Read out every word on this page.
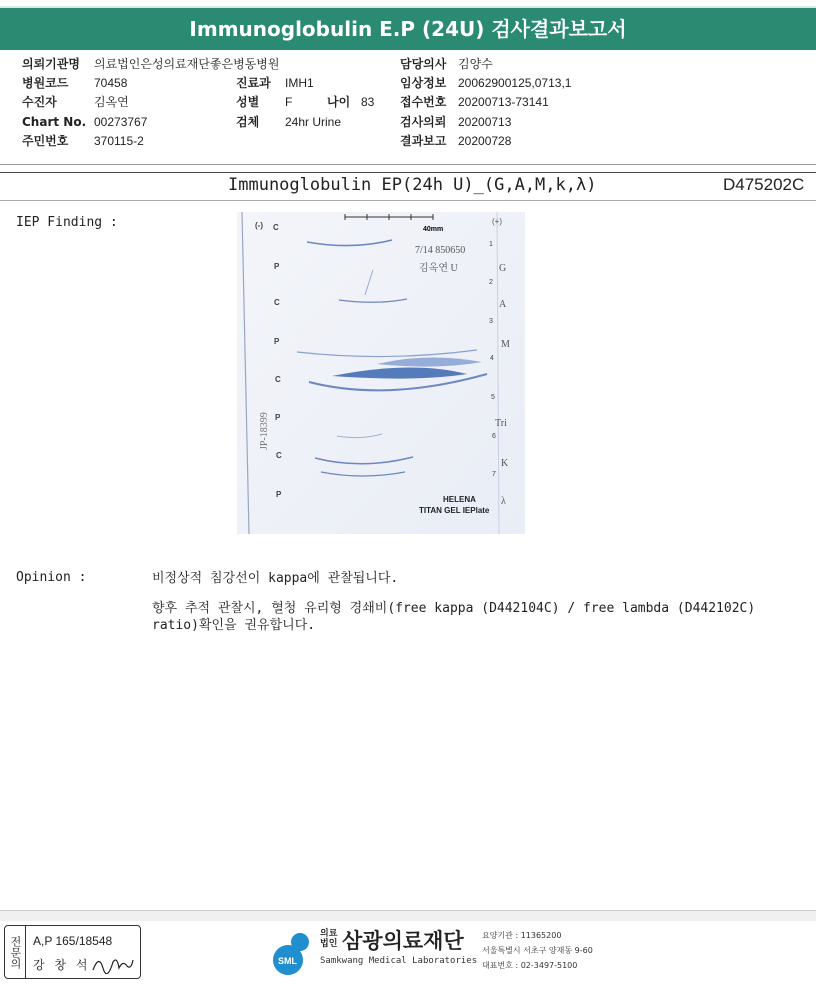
Immunoglobulin E.P (24U) 검사결과보고서
의뢰기관명 의료법인은성의료재단좋은병동병원	담당의사 김양수
병원코드 70458	진료과 IMH1	임상정보 20062900125,0713,1
수진자	김옥연	성별 F	나이 83 접수번호 20200713-73141
Chart No. 00273767	검체 24hr Urine	검사의뢰 20200713
주민번호 370115-2	결과보고 20200728
Immunoglobulin EP(24h U)_(G,A,M,k,λ)	D475202C
IEP Finding :	40mm
(-) C
P
C
P
C
P
C
P
(+)
G
A
M
Tri
K
λ
1
2
3
4
5
6
7
7/14 850650
김옥연 U
JP-18399
HELENA
TITAN GEL IEPlate
Opinion :	비정상적 침강선이 kappa에 관찰됩니다.
향후 추적 관찰시, 혈청 유리형 경쇄비(free kappa (D442104C) / free lambda (D442102C) ratio)확인을 권유합니다.
전문의 A,P 165/18548
강 창 석	SML
의료법인 삼광의료재단
Samkwang Medical Laboratories
요양기관 : 11365200
서울특별시 서초구 양재동 9-60
대표번호 : 02-3497-5100
